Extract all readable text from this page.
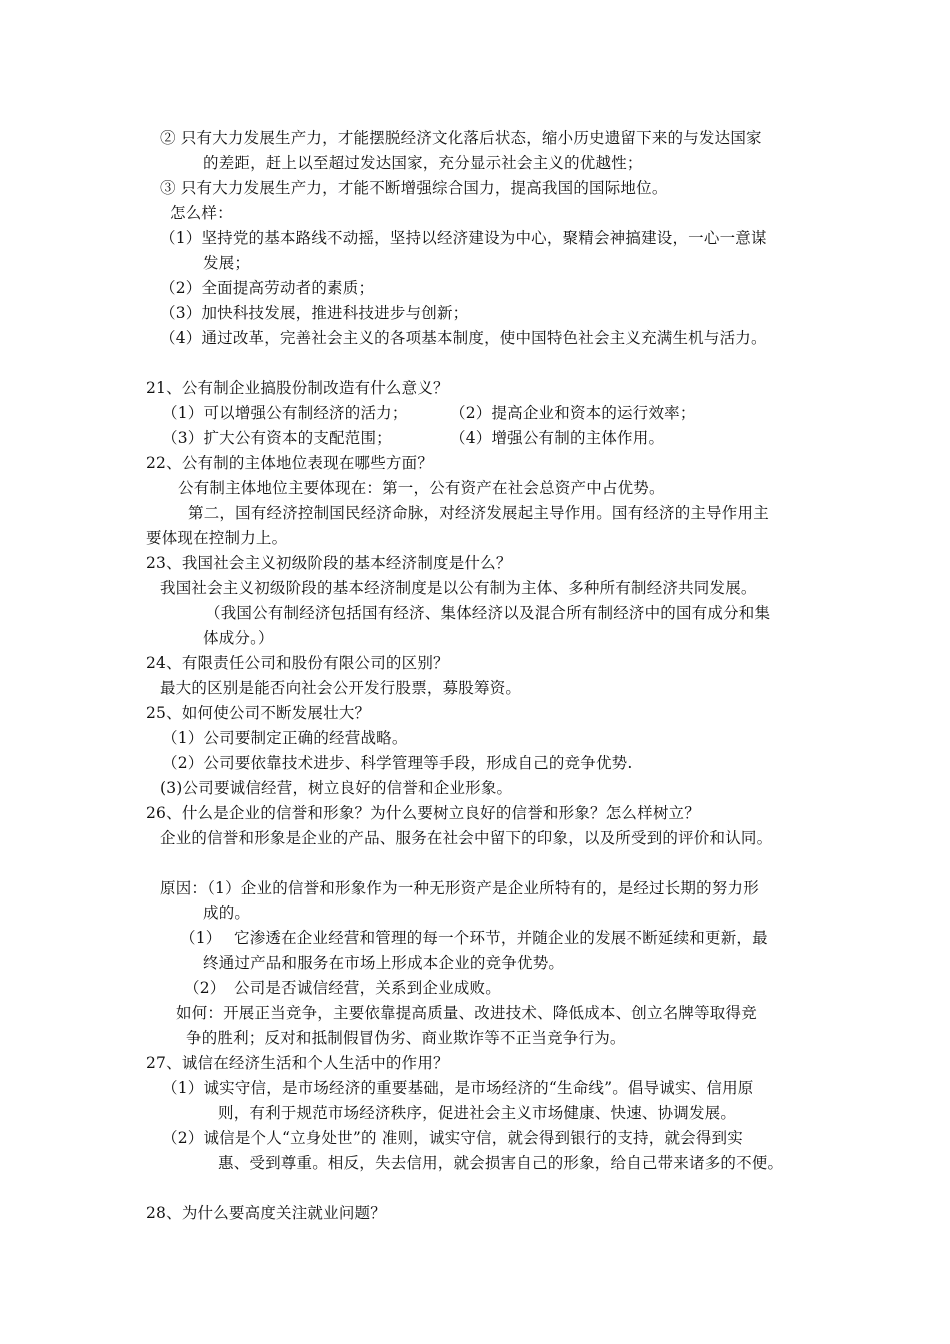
② 只有大力发展生产力，才能摆脱经济文化落后状态，缩小历史遗留下来的与发达国家
的差距，赶上以至超过发达国家，充分显示社会主义的优越性；
③ 只有大力发展生产力，才能不断增强综合国力，提高我国的国际地位。
怎么样：
（1）坚持党的基本路线不动摇，坚持以经济建设为中心，聚精会神搞建设，一心一意谋
发展；
（2）全面提高劳动者的素质；
（3）加快科技发展，推进科技进步与创新；
（4）通过改革，完善社会主义的各项基本制度，使中国特色社会主义充满生机与活力。
21、公有制企业搞股份制改造有什么意义？
（1）可以增强公有制经济的活力；	（2）提高企业和资本的运行效率；
（3）扩大公有资本的支配范围；	（4）增强公有制的主体作用。
22、公有制的主体地位表现在哪些方面？
公有制主体地位主要体现在：第一，公有资产在社会总资产中占优势。
第二，国有经济控制国民经济命脉，对经济发展起主导作用。国有经济的主导作用主
要体现在控制力上。
23、我国社会主义初级阶段的基本经济制度是什么？
我国社会主义初级阶段的基本经济制度是以公有制为主体、多种所有制经济共同发展。
（我国公有制经济包括国有经济、集体经济以及混合所有制经济中的国有成分和集
体成分。）
24、有限责任公司和股份有限公司的区别？
最大的区别是能否向社会公开发行股票，募股筹资。
25、如何使公司不断发展壮大？
（1）公司要制定正确的经营战略。
（2）公司要依靠技术进步、科学管理等手段，形成自己的竞争优势.
(3)公司要诚信经营，树立良好的信誉和企业形象。
26、什么是企业的信誉和形象？为什么要树立良好的信誉和形象？怎么样树立？
企业的信誉和形象是企业的产品、服务在社会中留下的印象，以及所受到的评价和认同。
原因：（1）企业的信誉和形象作为一种无形资产是企业所特有的，是经过长期的努力形
成的。
（1） 它渗透在企业经营和管理的每一个环节，并随企业的发展不断延续和更新，最
终通过产品和服务在市场上形成本企业的竞争优势。
（2） 公司是否诚信经营，关系到企业成败。
如何：开展正当竞争，主要依靠提高质量、改进技术、降低成本、创立名牌等取得竞
争的胜利；反对和抵制假冒伪劣、商业欺诈等不正当竞争行为。
27、诚信在经济生活和个人生活中的作用？
（1）诚实守信，是市场经济的重要基础，是市场经济的“生命线”。倡导诚实、信用原
则，有利于规范市场经济秩序，促进社会主义市场健康、快速、协调发展。
（2）诚信是个人“立身处世”的 准则，诚实守信，就会得到银行的支持，就会得到实
惠、受到尊重。相反，失去信用，就会损害自己的形象，给自己带来诸多的不便。
28、为什么要高度关注就业问题？
